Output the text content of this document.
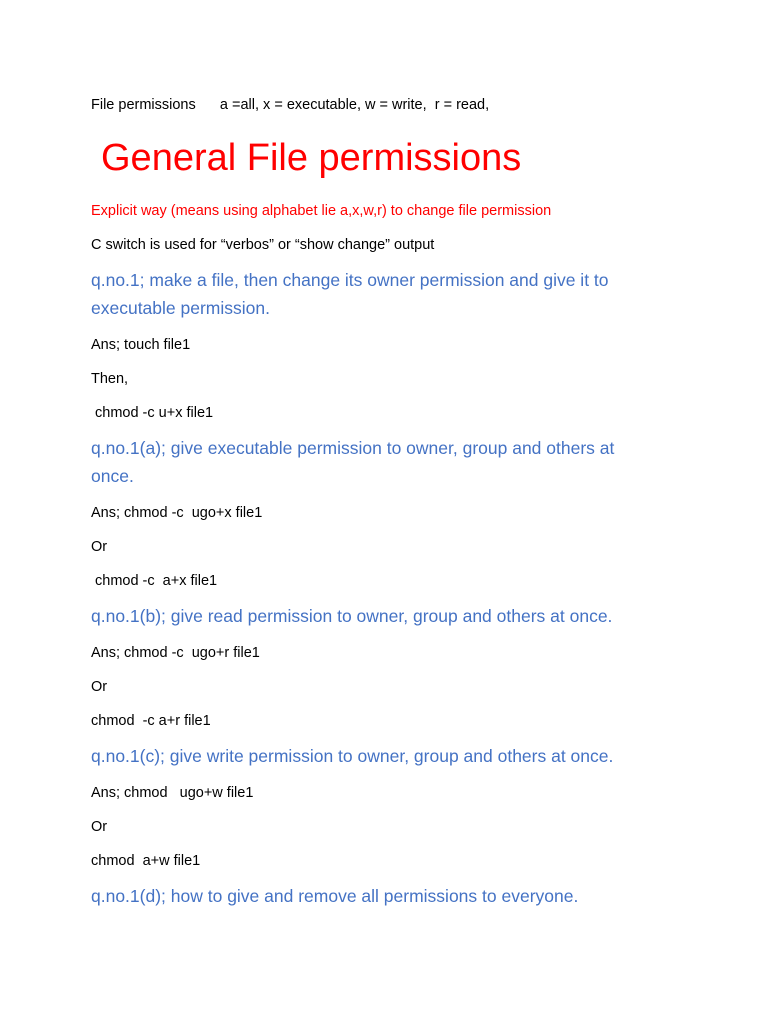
File permissions      a =all, x = executable, w = write,  r = read,
General File permissions
Explicit way (means using alphabet lie a,x,w,r) to change file permission
C switch is used for “verbos” or “show change” output
q.no.1; make a file, then change its owner permission and give it to executable permission.
Ans; touch file1
Then,
chmod -c u+x file1
q.no.1(a); give executable permission to owner, group and others at once.
Ans; chmod -c  ugo+x file1
Or
chmod -c  a+x file1
q.no.1(b); give read permission to owner, group and others at once.
Ans; chmod -c  ugo+r file1
Or
chmod  -c a+r file1
q.no.1(c); give write permission to owner, group and others at once.
Ans; chmod   ugo+w file1
Or
chmod  a+w file1
q.no.1(d); how to give and remove all permissions to everyone.
